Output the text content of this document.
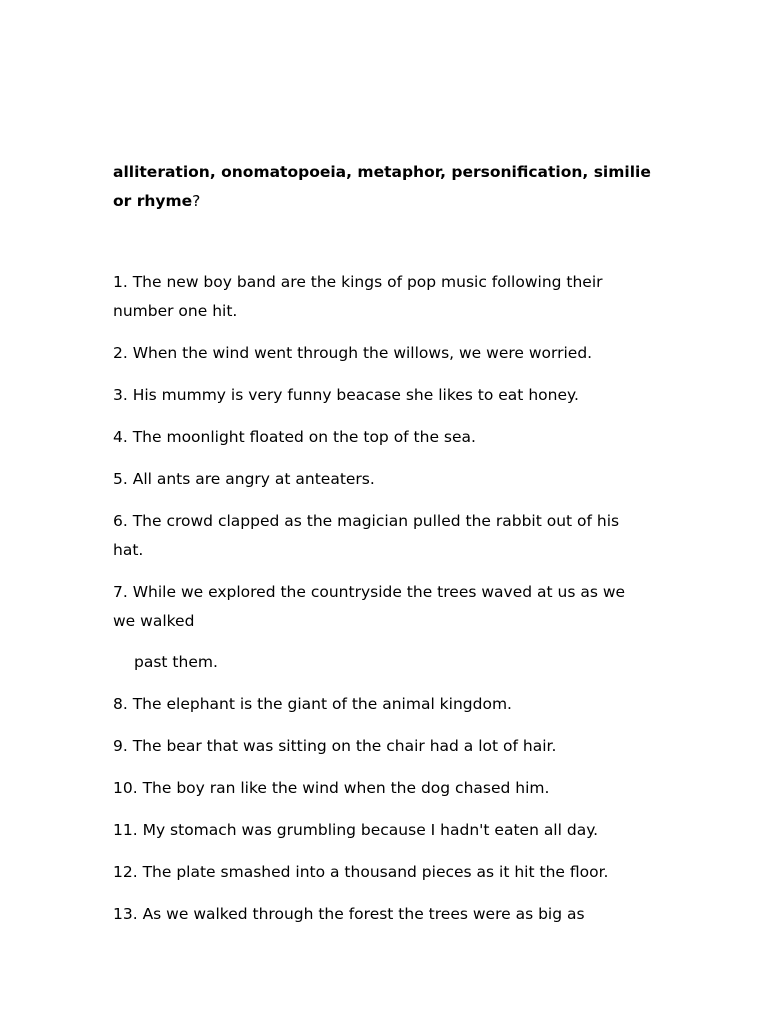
alliteration, onomatopoeia, metaphor, personification, similie
or rhyme?
1. The new boy band are the kings of pop music following their
number one hit.
2. When the wind went through the willows, we were worried.
3. His mummy is very funny beacase she likes to eat honey.
4. The moonlight floated on the top of the sea.
5. All ants are angry at anteaters.
6. The crowd clapped as the magician pulled the rabbit out of his
hat.
7. While we explored the countryside the trees waved at us as we
we walked
past them.
8. The elephant is the giant of the animal kingdom.
9. The bear that was sitting on the chair had a lot of hair.
10. The boy ran like the wind when the dog chased him.
11. My stomach was grumbling because I hadn't eaten all day.
12. The plate smashed into a thousand pieces as it hit the floor.
13. As we walked through the forest the trees were as big as
